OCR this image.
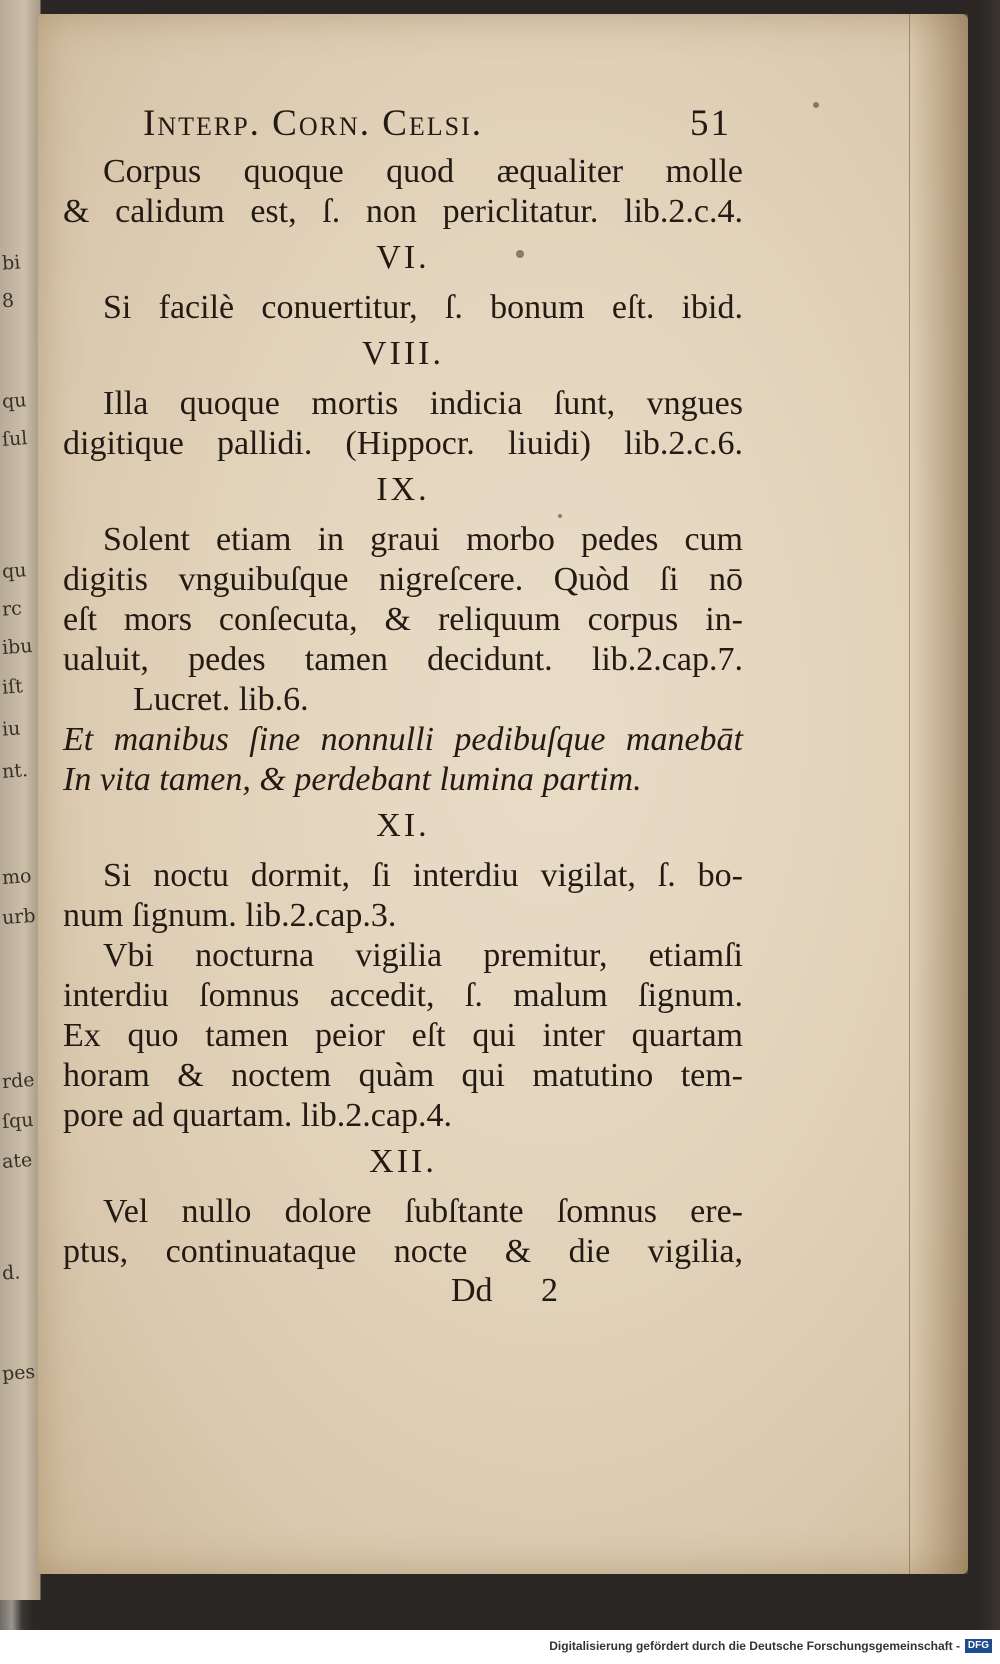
bi
8
qu
ſul
qu
rc
ibu
iſt
iu
nt.
mo
urb
rde
ſqu
ate
d.
pes
Interp. Corn. Celsi.	51
Corpus quoque quod æqualiter molle
& calidum est, ſ. non periclitatur. lib.2.c.4.
VI.
Si facilè conuertitur, ſ. bonum eſt. ibid.
VIII.
Illa quoque mortis indicia ſunt, vngues
digitique pallidi. (Hippocr. liuidi) lib.2.c.6.
IX.
Solent etiam in graui morbo pedes cum
digitis vnguibuſque nigreſcere. Quòd ſi nō
eſt mors conſecuta, & reliquum corpus in-
ualuit, pedes tamen decidunt. lib.2.cap.7.
Lucret. lib.6.
Et manibus ſine nonnulli pedibuſque manebāt
In vita tamen, & perdebant lumina partim.
XI.
Si noctu dormit, ſi interdiu vigilat, ſ. bo-
num ſignum. lib.2.cap.3.
Vbi nocturna vigilia premitur, etiamſi
interdiu ſomnus accedit, ſ. malum ſignum.
Ex quo tamen peior eſt qui inter quartam
horam & noctem quàm qui matutino tem-
pore ad quartam. lib.2.cap.4.
XII.
Vel nullo dolore ſubſtante ſomnus ere-
ptus, continuataque nocte & die vigilia,
Dd 2
Digitalisierung gefördert durch die Deutsche Forschungsgemeinschaft - DFG
